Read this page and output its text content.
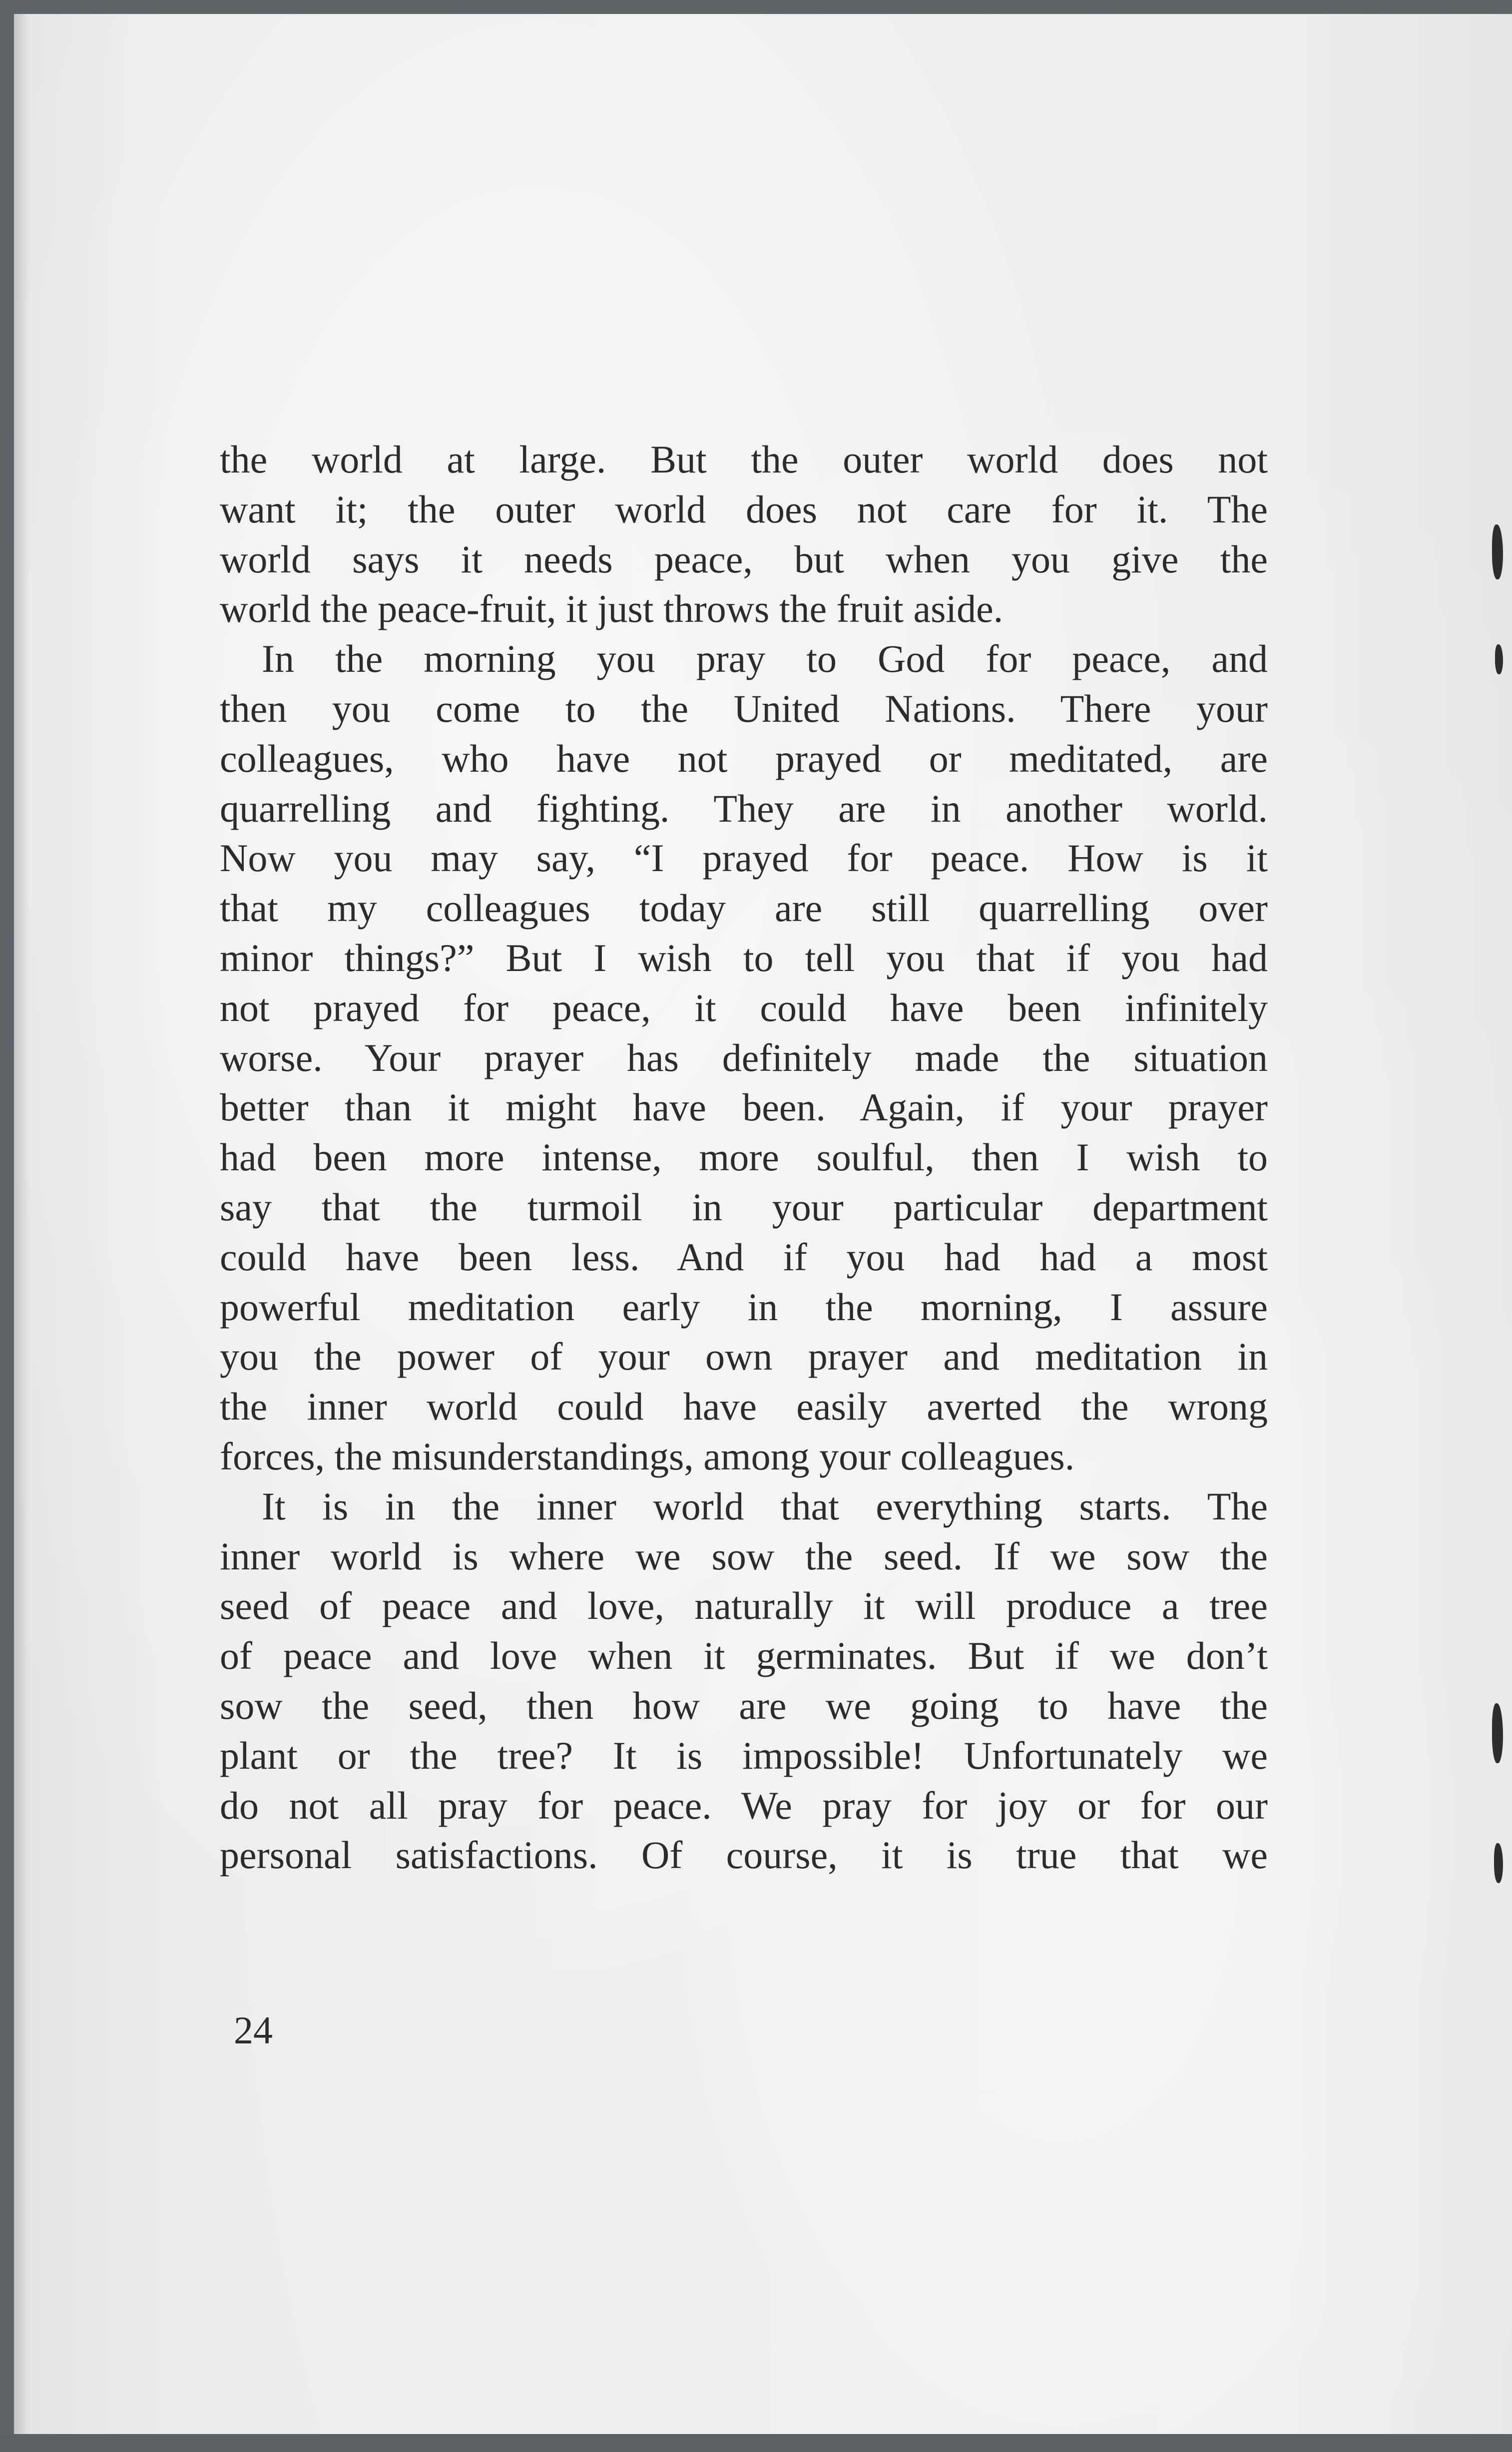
the world at large. But the outer world does not
want it; the outer world does not care for it. The
world says it needs peace, but when you give the
world the peace-fruit, it just throws the fruit aside.
In the morning you pray to God for peace, and
then you come to the United Nations. There your
colleagues, who have not prayed or meditated, are
quarrelling and fighting. They are in another world.
Now you may say, “I prayed for peace. How is it
that my colleagues today are still quarrelling over
minor things?” But I wish to tell you that if you had
not prayed for peace, it could have been infinitely
worse. Your prayer has definitely made the situation
better than it might have been. Again, if your prayer
had been more intense, more soulful, then I wish to
say that the turmoil in your particular department
could have been less. And if you had had a most
powerful meditation early in the morning, I assure
you the power of your own prayer and meditation in
the inner world could have easily averted the wrong
forces, the misunderstandings, among your colleagues.
It is in the inner world that everything starts. The
inner world is where we sow the seed. If we sow the
seed of peace and love, naturally it will produce a tree
of peace and love when it germinates. But if we don’t
sow the seed, then how are we going to have the
plant or the tree? It is impossible! Unfortunately we
do not all pray for peace. We pray for joy or for our
personal satisfactions. Of course, it is true that we
24
